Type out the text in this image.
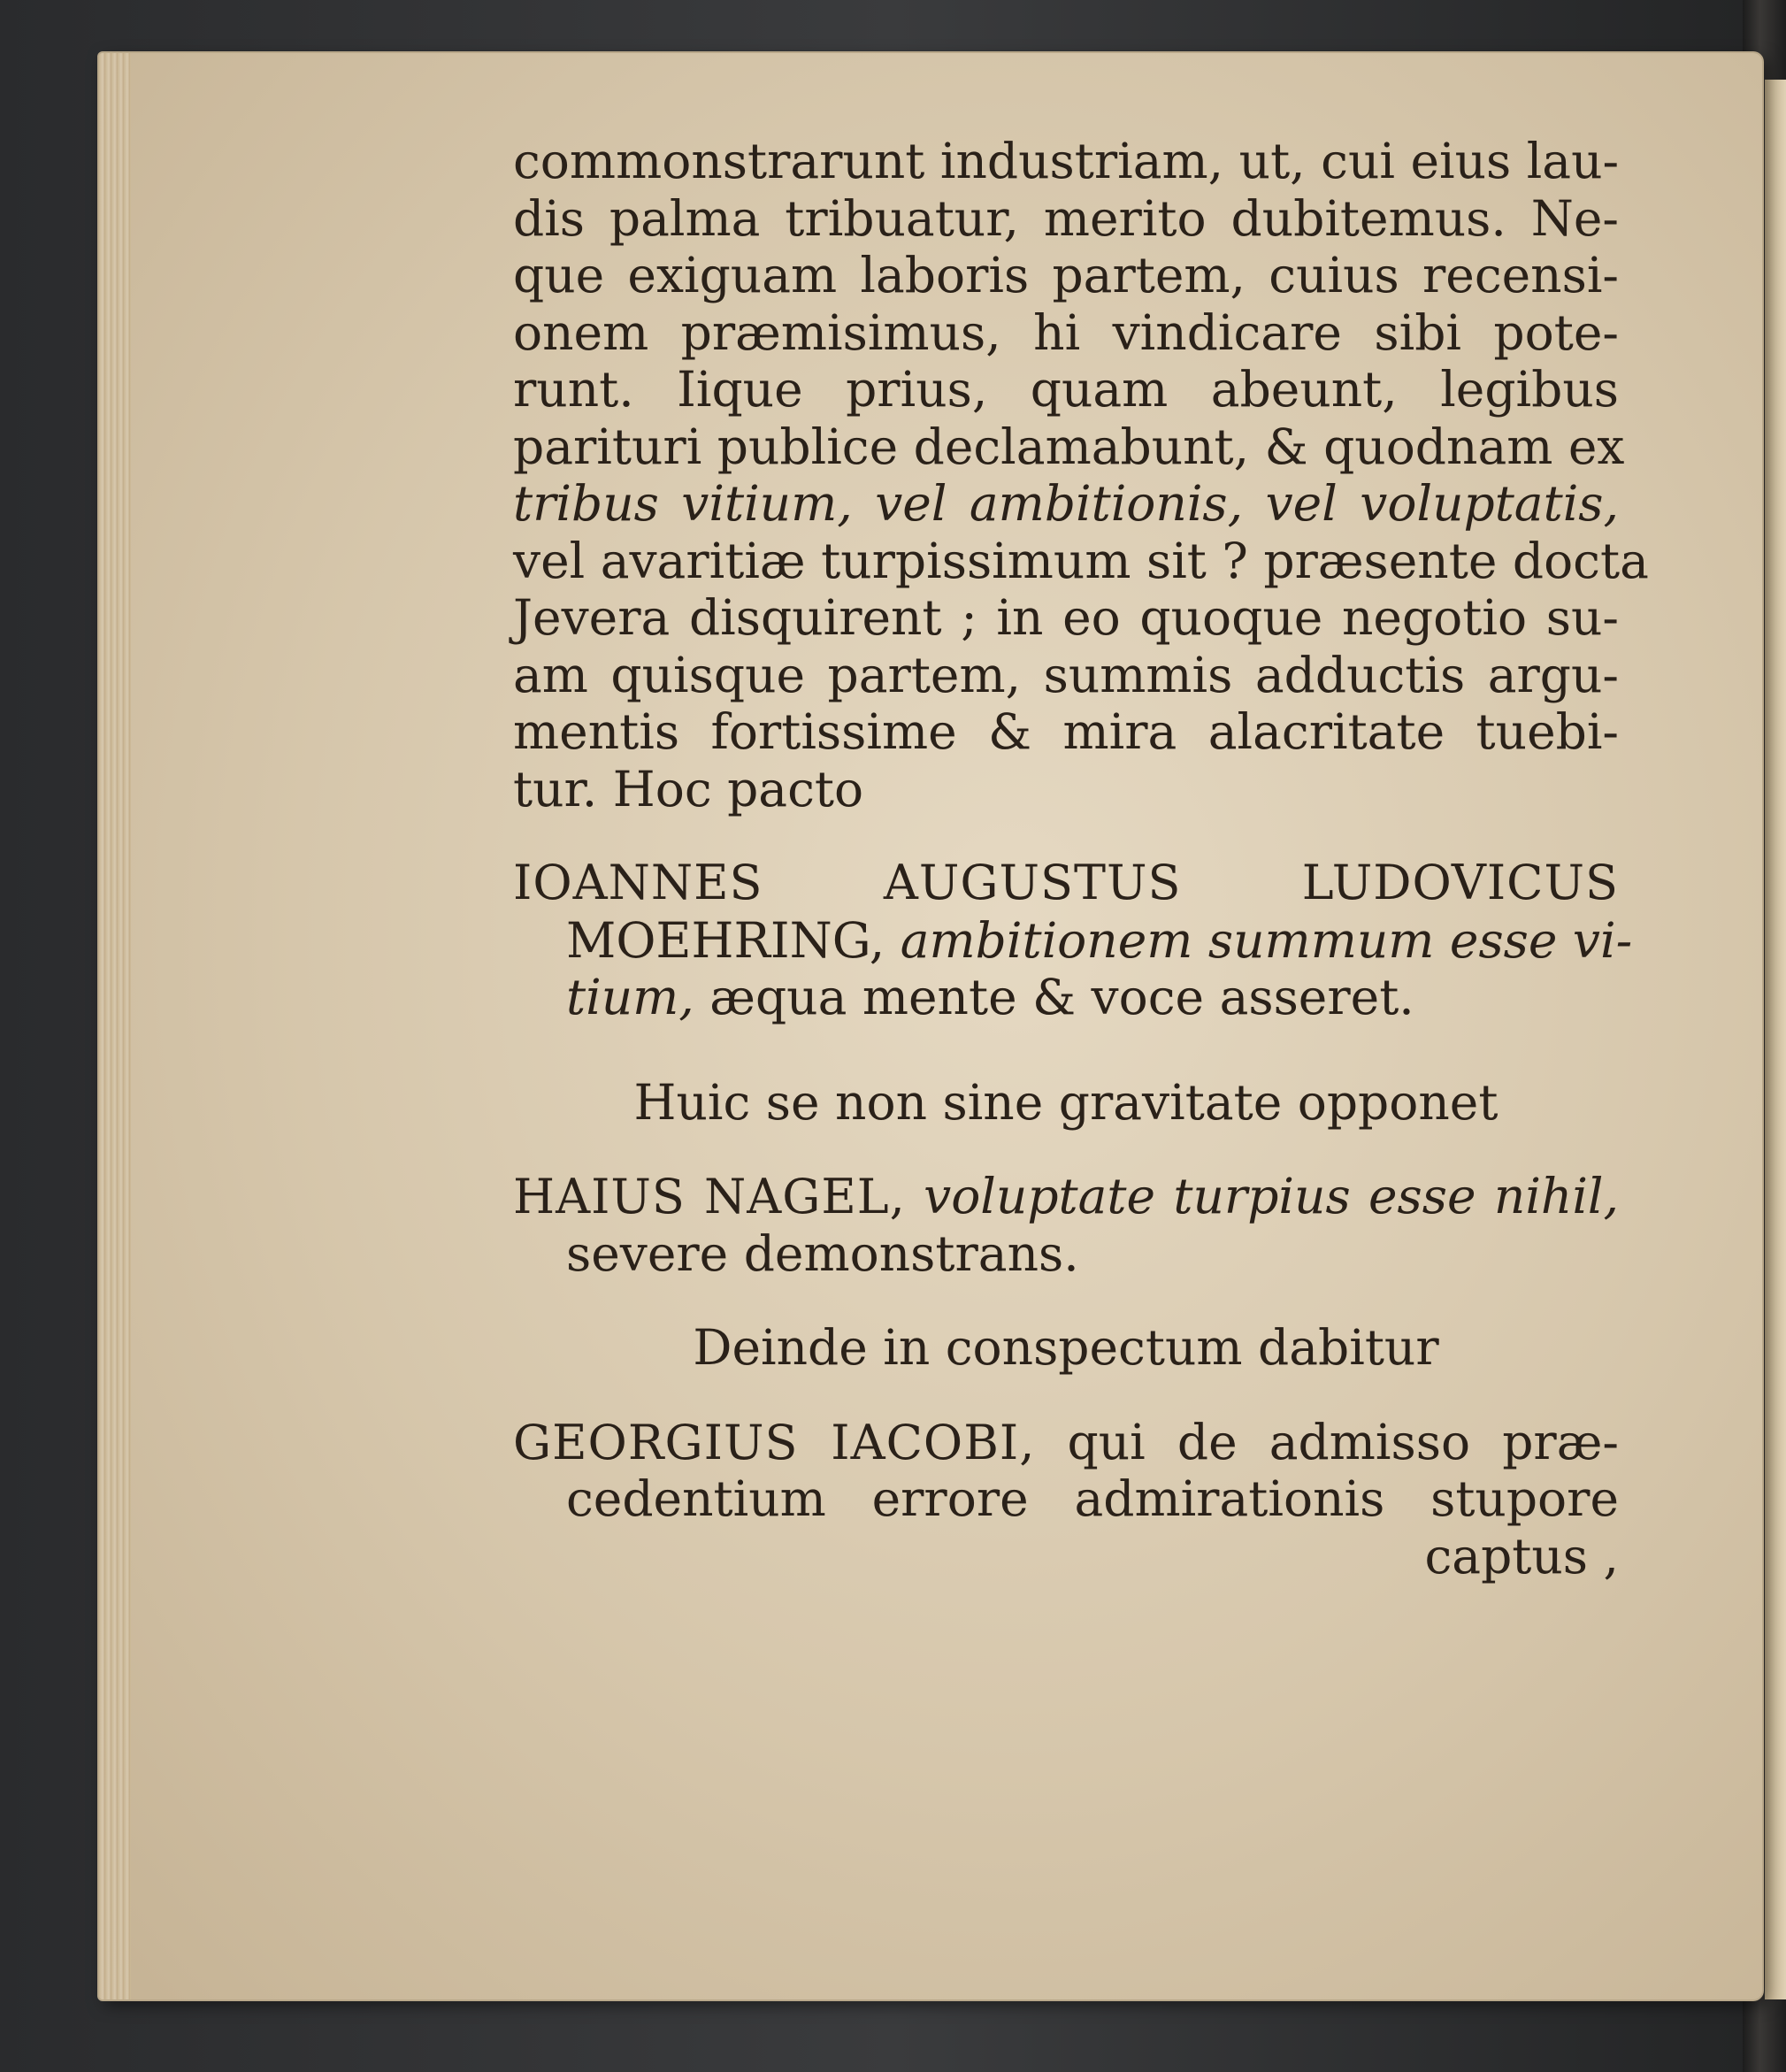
commonstrarunt industriam, ut, cui eius lau-
dis palma tribuatur, merito dubitemus. Ne-
que exiguam laboris partem, cuius recensi-
onem præmisimus, hi vindicare sibi pote-
runt. Iique prius, quam abeunt, legibus
parituri publice declamabunt, & quodnam ex
tribus vitium, vel ambitionis, vel voluptatis,
vel avaritiæ turpissimum sit ? præsente docta
Jevera disquirent ; in eo quoque negotio su-
am quisque partem, summis adductis argu-
mentis fortissime & mira alacritate tuebi-
tur. Hoc pacto
IOANNES AUGUSTUS LUDOVICUS
MOEHRING, ambitionem summum esse vi-
tium, æqua mente & voce asseret.
Huic se non sine gravitate opponet
HAIUS NAGEL, voluptate turpius esse nihil,
severe demonstrans.
Deinde in conspectum dabitur
GEORGIUS IACOBI, qui de admisso præ-
cedentium errore admirationis stupore
captus ,
